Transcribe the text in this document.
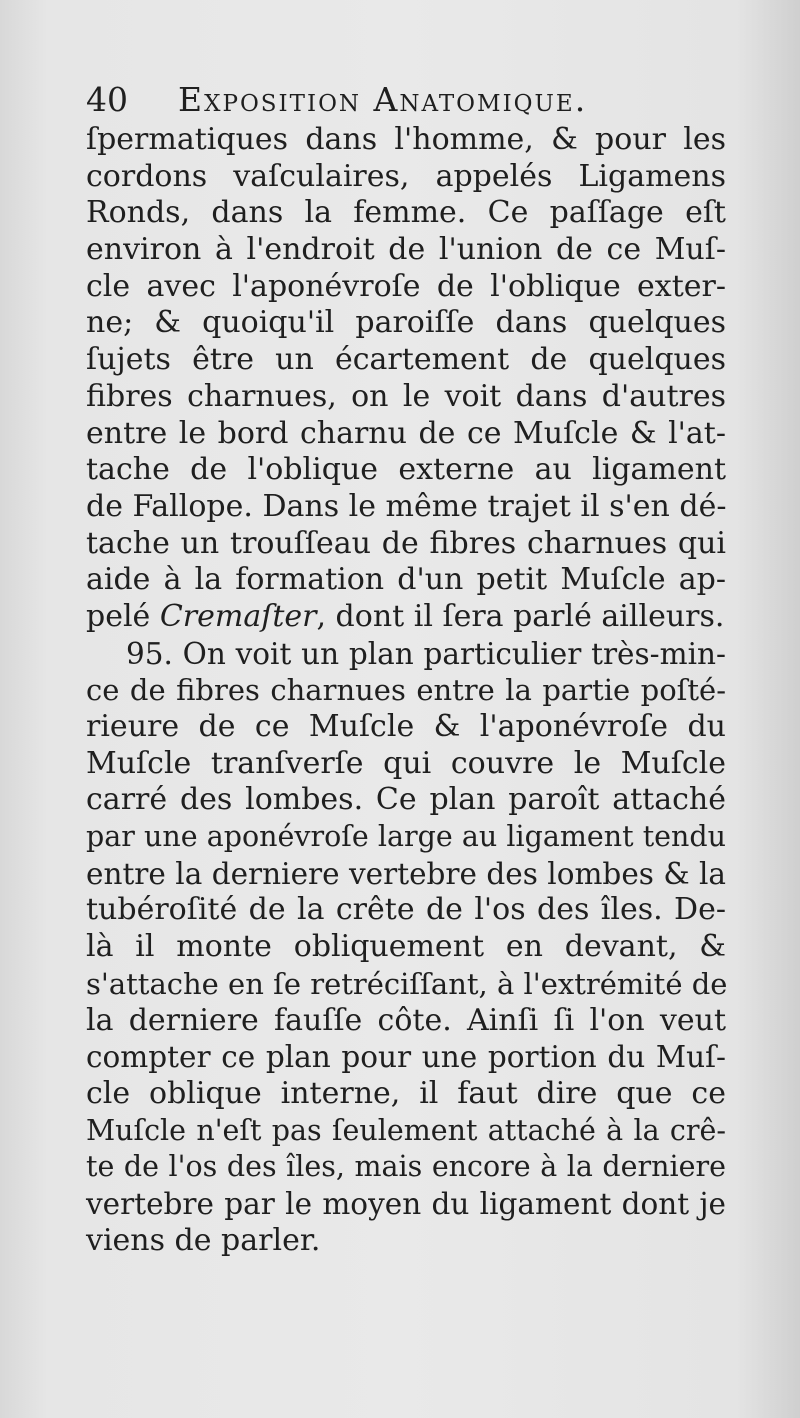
40 Exposition Anatomique.
ſpermatiques dans l'homme, & pour les
cordons vaſculaires, appelés Ligamens
Ronds, dans la femme. Ce paſſage eſt
environ à l'endroit de l'union de ce Muſ-
cle avec l'aponévroſe de l'oblique exter-
ne; & quoiqu'il paroiſſe dans quelques
ſujets être un écartement de quelques
fibres charnues, on le voit dans d'autres
entre le bord charnu de ce Muſcle & l'at-
tache de l'oblique externe au ligament
de Fallope. Dans le même trajet il s'en dé-
tache un trouſſeau de fibres charnues qui
aide à la formation d'un petit Muſcle ap-
pelé Cremaſter, dont il ſera parlé ailleurs.
95. On voit un plan particulier très-min-
ce de fibres charnues entre la partie poſté-
rieure de ce Muſcle & l'aponévroſe du
Muſcle tranſverſe qui couvre le Muſcle
carré des lombes. Ce plan paroît attaché
par une aponévroſe large au ligament tendu
entre la derniere vertebre des lombes & la
tubéroſité de la crête de l'os des îles. De-
là il monte obliquement en devant, &
s'attache en ſe retréciſſant, à l'extrémité de
la derniere fauſſe côte. Ainſi ſi l'on veut
compter ce plan pour une portion du Muſ-
cle oblique interne, il faut dire que ce
Muſcle n'eſt pas ſeulement attaché à la crê-
te de l'os des îles, mais encore à la derniere
vertebre par le moyen du ligament dont je
viens de parler.
